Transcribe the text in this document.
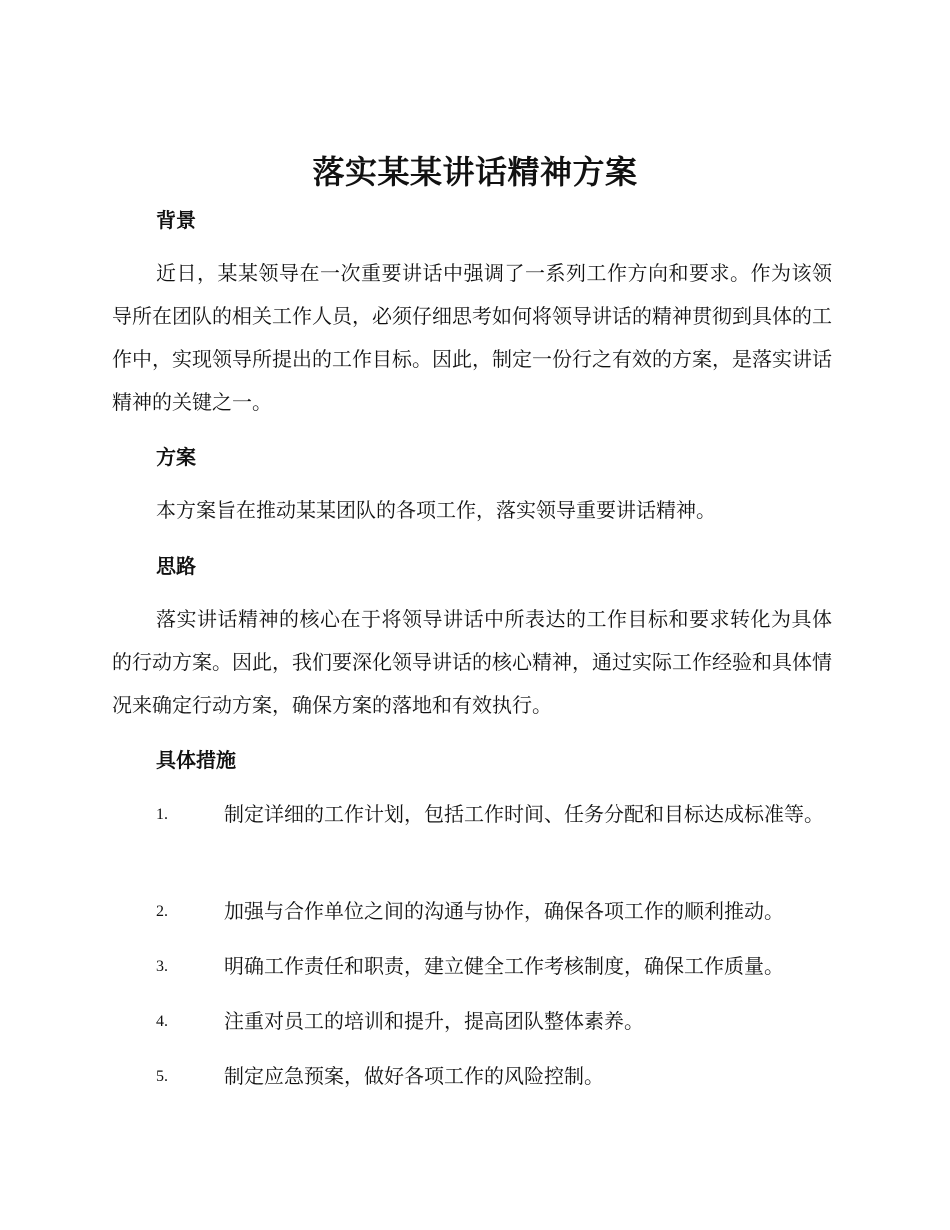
落实某某讲话精神方案
背景
近日，某某领导在一次重要讲话中强调了一系列工作方向和要求。作为该领导所在团队的相关工作人员，必须仔细思考如何将领导讲话的精神贯彻到具体的工作中，实现领导所提出的工作目标。因此，制定一份行之有效的方案，是落实讲话精神的关键之一。
方案
本方案旨在推动某某团队的各项工作，落实领导重要讲话精神。
思路
落实讲话精神的核心在于将领导讲话中所表达的工作目标和要求转化为具体的行动方案。因此，我们要深化领导讲话的核心精神，通过实际工作经验和具体情况来确定行动方案，确保方案的落地和有效执行。
具体措施
1.	制定详细的工作计划，包括工作时间、任务分配和目标达成标准等。
2.	加强与合作单位之间的沟通与协作，确保各项工作的顺利推动。
3.	明确工作责任和职责，建立健全工作考核制度，确保工作质量。
4.	注重对员工的培训和提升，提高团队整体素养。
5.	制定应急预案，做好各项工作的风险控制。
